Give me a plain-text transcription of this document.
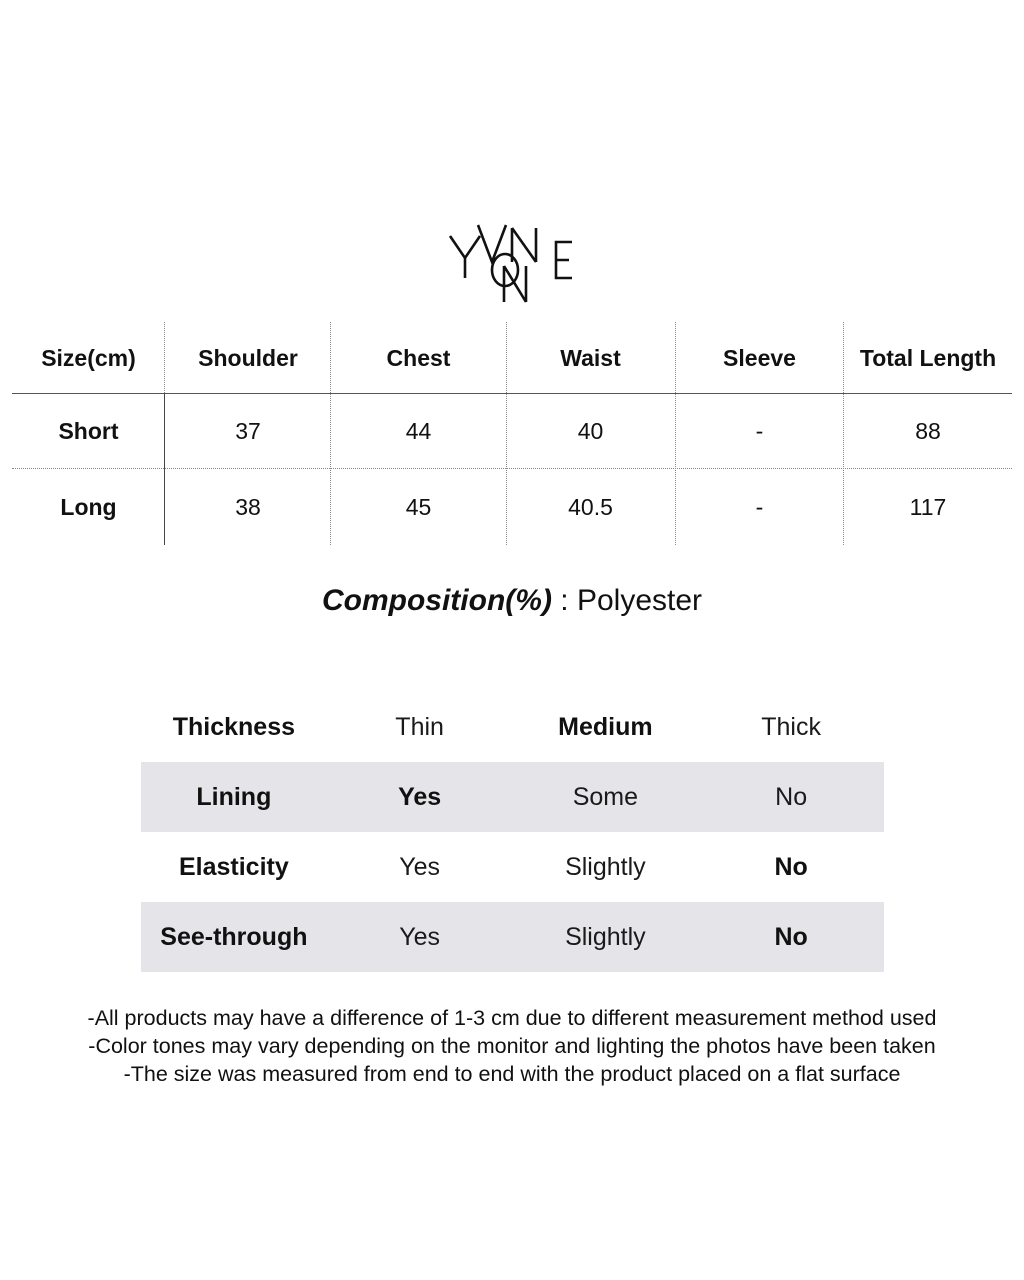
Size(cm)	Shoulder	Chest	Waist	Sleeve	Total Length
Short	37	44	40	-	88
Long	38	45	40.5	-	117
Composition(%) : Polyester
Thickness	Thin	Medium	Thick
Lining	Yes	Some	No
Elasticity	Yes	Slightly	No
See-through	Yes	Slightly	No
-All products may have a difference of 1-3 cm due to different measurement method used
-Color tones may vary depending on the monitor and lighting the photos have been taken
-The size was measured from end to end with the product placed on a flat surface
